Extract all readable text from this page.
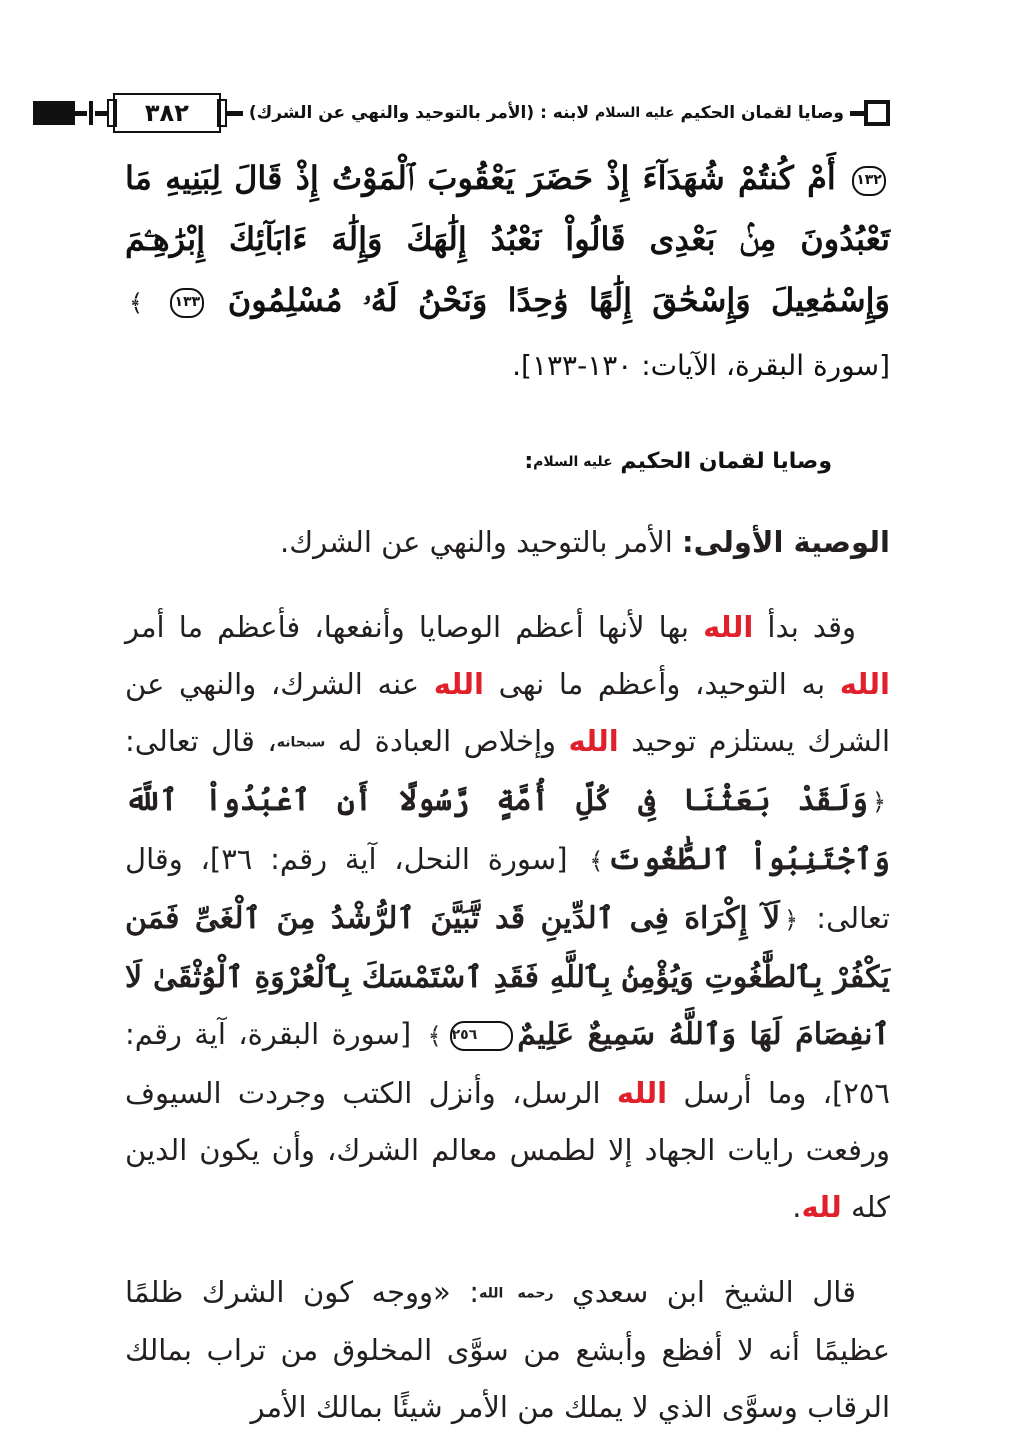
وصايا لقمان الحكيم عليه السلام لابنه : (الأمر بالتوحيد والنهي عن الشرك)
٣٨٢
١٣٢ أَمْ كُنتُمْ شُهَدَآءَ إِذْ حَضَرَ يَعْقُوبَ ٱلْمَوْتُ إِذْ قَالَ لِبَنِيهِ مَا تَعْبُدُونَ مِنۢ بَعْدِى قَالُواْ نَعْبُدُ إِلَٰهَكَ وَإِلَٰهَ ءَابَآئِكَ إِبْرَٰهِـۧمَ وَإِسْمَٰعِيلَ وَإِسْحَٰقَ إِلَٰهًا وَٰحِدًا وَنَحْنُ لَهُۥ مُسْلِمُونَ ١٣٣ ﴾ [سورة البقرة، الآيات: ١٣٠-١٣٣].
وصايا لقمان الحكيم عليه السلام:
الوصية الأولى: الأمر بالتوحيد والنهي عن الشرك.
وقد بدأ الله بها لأنها أعظم الوصايا وأنفعها، فأعظم ما أمر الله به التوحيد، وأعظم ما نهى الله عنه الشرك، والنهي عن الشرك يستلزم توحيد الله وإخلاص العبادة له سبحانه، قال تعالى: ﴿وَلَقَدْ بَعَثْنَا فِى كُلِّ أُمَّةٍ رَّسُولًا أَنِ ٱعْبُدُواْ ٱللَّهَ وَٱجْتَنِبُواْ ٱلطَّٰغُوتَ﴾ [سورة النحل، آية رقم: ٣٦]، وقال تعالى: ﴿لَآ إِكْرَاهَ فِى ٱلدِّينِ قَد تَّبَيَّنَ ٱلرُّشْدُ مِنَ ٱلْغَىِّ فَمَن يَكْفُرْ بِٱلطَّٰغُوتِ وَيُؤْمِنۢ بِٱللَّهِ فَقَدِ ٱسْتَمْسَكَ بِٱلْعُرْوَةِ ٱلْوُثْقَىٰ لَا ٱنفِصَامَ لَهَا وَٱللَّهُ سَمِيعٌ عَلِيمٌ٢٥٦﴾ [سورة البقرة، آية رقم: ٢٥٦]، وما أرسل الله الرسل، وأنزل الكتب وجردت السيوف ورفعت رايات الجهاد إلا لطمس معالم الشرك، وأن يكون الدين كله لله.
قال الشيخ ابن سعدي رحمه الله: «ووجه كون الشرك ظلمًا عظيمًا أنه لا أفظع وأبشع من سوَّى المخلوق من تراب بمالك الرقاب وسوَّى الذي لا يملك من الأمر شيئًا بمالك الأمر
